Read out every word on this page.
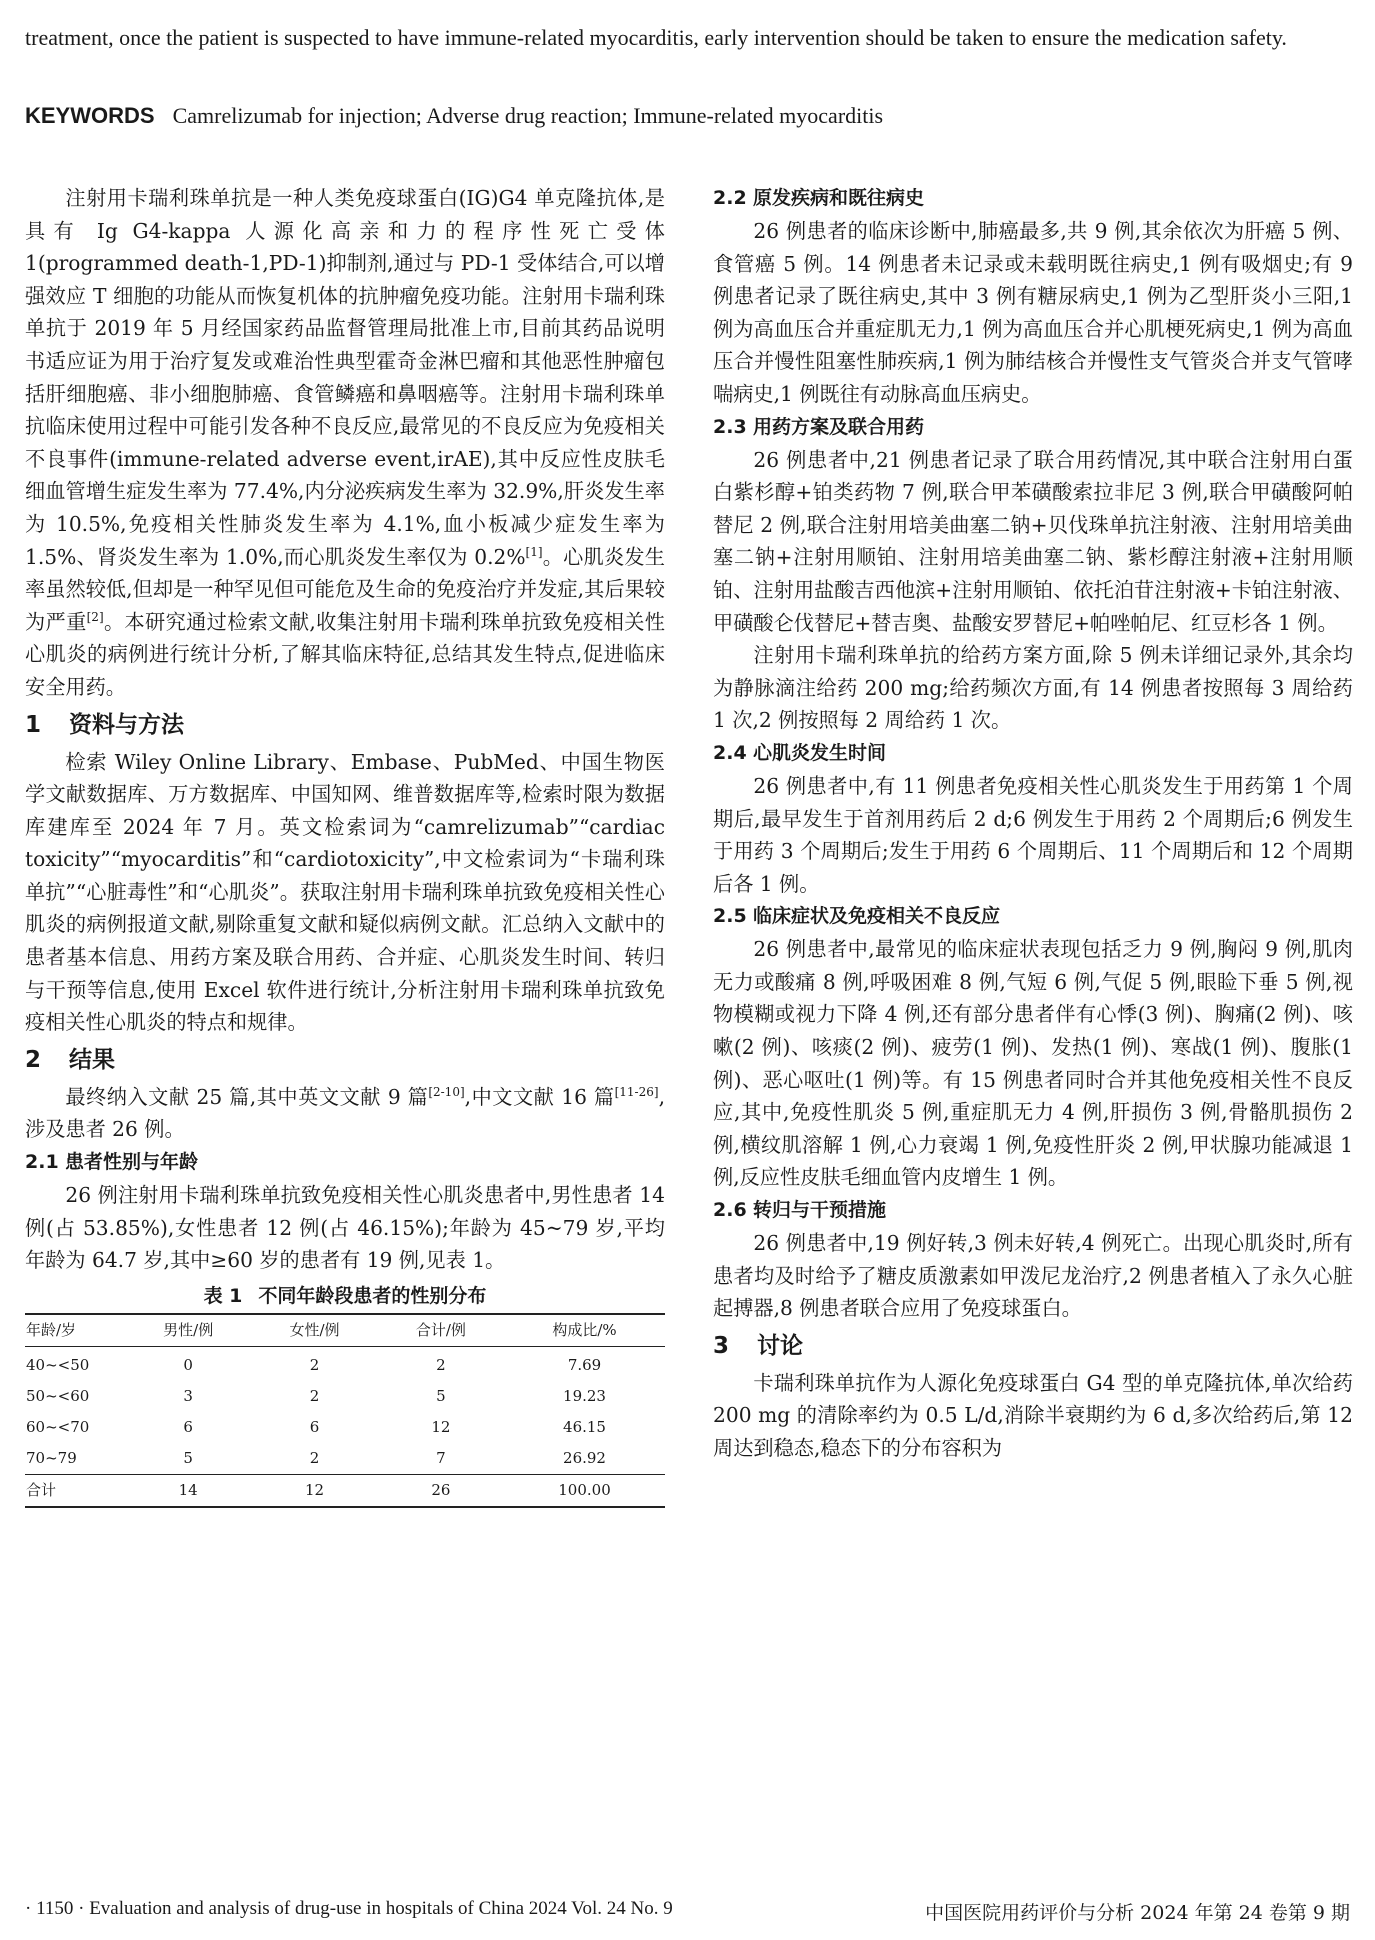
treatment, once the patient is suspected to have immune-related myocarditis, early intervention should be taken to ensure the medication safety.
KEYWORDS Camrelizumab for injection; Adverse drug reaction; Immune-related myocarditis

注射用卡瑞利珠单抗是一种人类免疫球蛋白(IG)G4 单克隆抗体,是具有 Ig G4-kappa 人源化高亲和力的程序性死亡受体 1(programmed death-1,PD-1)抑制剂,通过与 PD-1 受体结合,可以增强效应 T 细胞的功能从而恢复机体的抗肿瘤免疫功能。注射用卡瑞利珠单抗于 2019 年 5 月经国家药品监督管理局批准上市,目前其药品说明书适应证为用于治疗复发或难治性典型霍奇金淋巴瘤和其他恶性肿瘤包括肝细胞癌、非小细胞肺癌、食管鳞癌和鼻咽癌等。注射用卡瑞利珠单抗临床使用过程中可能引发各种不良反应,最常见的不良反应为免疫相关不良事件(immune-related adverse event,irAE),其中反应性皮肤毛细血管增生症发生率为 77.4%,内分泌疾病发生率为 32.9%,肝炎发生率为 10.5%,免疫相关性肺炎发生率为 4.1%,血小板减少症发生率为 1.5%、肾炎发生率为 1.0%,而心肌炎发生率仅为 0.2%[1]。心肌炎发生率虽然较低,但却是一种罕见但可能危及生命的免疫治疗并发症,其后果较为严重[2]。本研究通过检索文献,收集注射用卡瑞利珠单抗致免疫相关性心肌炎的病例进行统计分析,了解其临床特征,总结其发生特点,促进临床安全用药。

1 资料与方法

检索 Wiley Online Library、Embase、PubMed、中国生物医学文献数据库、万方数据库、中国知网、维普数据库等,检索时限为数据库建库至 2024 年 7 月。英文检索词为“camrelizumab”“cardiac toxicity”“myocarditis”和“cardiotoxicity”,中文检索词为“卡瑞利珠单抗”“心脏毒性”和“心肌炎”。获取注射用卡瑞利珠单抗致免疫相关性心肌炎的病例报道文献,剔除重复文献和疑似病例文献。汇总纳入文献中的患者基本信息、用药方案及联合用药、合并症、心肌炎发生时间、转归与干预等信息,使用 Excel 软件进行统计,分析注射用卡瑞利珠单抗致免疫相关性心肌炎的特点和规律。

2 结果

最终纳入文献 25 篇,其中英文文献 9 篇[2-10],中文文献 16 篇[11-26],涉及患者 26 例。

2.1 患者性别与年龄

26 例注射用卡瑞利珠单抗致免疫相关性心肌炎患者中,男性患者 14 例(占 53.85%),女性患者 12 例(占 46.15%);年龄为 45~79 岁,平均年龄为 64.7 岁,其中≥60 岁的患者有 19 例,见表 1。

表 1 不同年龄段患者的性别分布
年龄/岁	男性/例	女性/例	合计/例	构成比/%
40~<50	0	2	2	7.69
50~<60	3	2	5	19.23
60~<70	6	6	12	46.15
70~79	5	2	7	26.92
合计	14	12	26	100.00
2.2 原发疾病和既往病史

26 例患者的临床诊断中,肺癌最多,共 9 例,其余依次为肝癌 5 例、食管癌 5 例。14 例患者未记录或未载明既往病史,1 例有吸烟史;有 9 例患者记录了既往病史,其中 3 例有糖尿病史,1 例为乙型肝炎小三阳,1 例为高血压合并重症肌无力,1 例为高血压合并心肌梗死病史,1 例为高血压合并慢性阻塞性肺疾病,1 例为肺结核合并慢性支气管炎合并支气管哮喘病史,1 例既往有动脉高血压病史。

2.3 用药方案及联合用药

26 例患者中,21 例患者记录了联合用药情况,其中联合注射用白蛋白紫杉醇+铂类药物 7 例,联合甲苯磺酸索拉非尼 3 例,联合甲磺酸阿帕替尼 2 例,联合注射用培美曲塞二钠+贝伐珠单抗注射液、注射用培美曲塞二钠+注射用顺铂、注射用培美曲塞二钠、紫杉醇注射液+注射用顺铂、注射用盐酸吉西他滨+注射用顺铂、依托泊苷注射液+卡铂注射液、甲磺酸仑伐替尼+替吉奥、盐酸安罗替尼+帕唑帕尼、红豆杉各 1 例。

注射用卡瑞利珠单抗的给药方案方面,除 5 例未详细记录外,其余均为静脉滴注给药 200 mg;给药频次方面,有 14 例患者按照每 3 周给药 1 次,2 例按照每 2 周给药 1 次。

2.4 心肌炎发生时间

26 例患者中,有 11 例患者免疫相关性心肌炎发生于用药第 1 个周期后,最早发生于首剂用药后 2 d;6 例发生于用药 2 个周期后;6 例发生于用药 3 个周期后;发生于用药 6 个周期后、11 个周期后和 12 个周期后各 1 例。

2.5 临床症状及免疫相关不良反应

26 例患者中,最常见的临床症状表现包括乏力 9 例,胸闷 9 例,肌肉无力或酸痛 8 例,呼吸困难 8 例,气短 6 例,气促 5 例,眼睑下垂 5 例,视物模糊或视力下降 4 例,还有部分患者伴有心悸(3 例)、胸痛(2 例)、咳嗽(2 例)、咳痰(2 例)、疲劳(1 例)、发热(1 例)、寒战(1 例)、腹胀(1 例)、恶心呕吐(1 例)等。有 15 例患者同时合并其他免疫相关性不良反应,其中,免疫性肌炎 5 例,重症肌无力 4 例,肝损伤 3 例,骨骼肌损伤 2 例,横纹肌溶解 1 例,心力衰竭 1 例,免疫性肝炎 2 例,甲状腺功能减退 1 例,反应性皮肤毛细血管内皮增生 1 例。

2.6 转归与干预措施

26 例患者中,19 例好转,3 例未好转,4 例死亡。出现心肌炎时,所有患者均及时给予了糖皮质激素如甲泼尼龙治疗,2 例患者植入了永久心脏起搏器,8 例患者联合应用了免疫球蛋白。

3 讨论

卡瑞利珠单抗作为人源化免疫球蛋白 G4 型的单克隆抗体,单次给药 200 mg 的清除率约为 0.5 L/d,消除半衰期约为 6 d,多次给药后,第 12 周达到稳态,稳态下的分布容积为

· 1150 · Evaluation and analysis of drug-use in hospitals of China 2024 Vol. 24 No. 9	中国医院用药评价与分析 2024 年第 24 卷第 9 期
